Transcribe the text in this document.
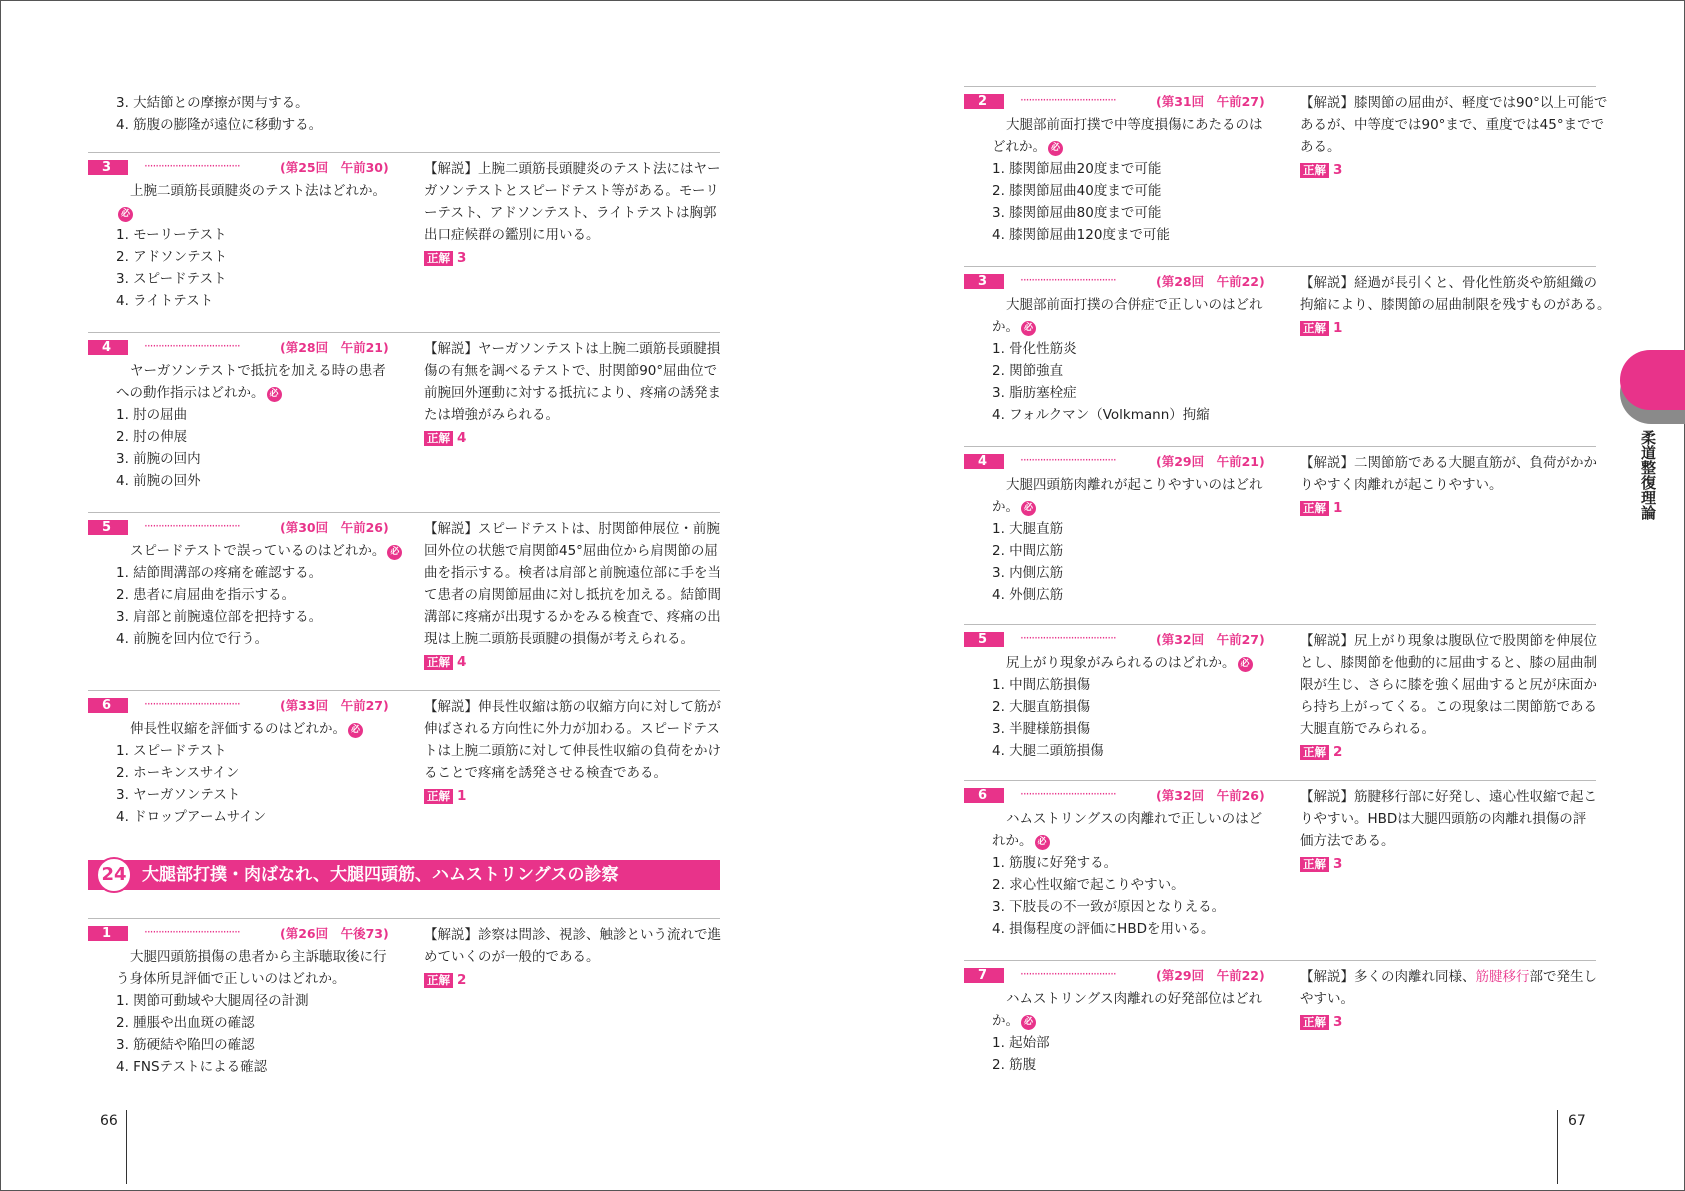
3. 大結節との摩擦が関与する。
4. 筋腹の膨隆が遠位に移動する。
3	··································	(第25回　午前30)
上腕二頭筋長頭腱炎のテスト法はどれか。
必
1. モーリーテスト
2. アドソンテスト
3. スピードテスト
4. ライトテスト
【解説】上腕二頭筋長頭腱炎のテスト法にはヤー
ガソンテストとスピードテスト等がある。モーリ
ーテスト、アドソンテスト、ライトテストは胸郭
出口症候群の鑑別に用いる。
正解 3
4	··································	(第28回　午前21)
ヤーガソンテストで抵抗を加える時の患者
への動作指示はどれか。 必
1. 肘の屈曲
2. 肘の伸展
3. 前腕の回内
4. 前腕の回外
【解説】ヤーガソンテストは上腕二頭筋長頭腱損
傷の有無を調べるテストで、肘関節90°屈曲位で
前腕回外運動に対する抵抗により、疼痛の誘発ま
たは増強がみられる。
正解 4
5	··································	(第30回　午前26)
スピードテストで誤っているのはどれか。 必
1. 結節間溝部の疼痛を確認する。
2. 患者に肩屈曲を指示する。
3. 肩部と前腕遠位部を把持する。
4. 前腕を回内位で行う。
【解説】スピードテストは、肘関節伸展位・前腕
回外位の状態で肩関節45°屈曲位から肩関節の屈
曲を指示する。検者は肩部と前腕遠位部に手を当
て患者の肩関節屈曲に対し抵抗を加える。結節間
溝部に疼痛が出現するかをみる検査で、疼痛の出
現は上腕二頭筋長頭腱の損傷が考えられる。
正解 4
6	··································	(第33回　午前27)
伸長性収縮を評価するのはどれか。 必
1. スピードテスト
2. ホーキンスサイン
3. ヤーガソンテスト
4. ドロップアームサイン
【解説】伸長性収縮は筋の収縮方向に対して筋が
伸ばされる方向性に外力が加わる。スピードテス
トは上腕二頭筋に対して伸長性収縮の負荷をかけ
ることで疼痛を誘発させる検査である。
正解 1
24 大腿部打撲・肉ばなれ、大腿四頭筋、ハムストリングスの診察
1	··································	(第26回　午後73)
大腿四頭筋損傷の患者から主訴聴取後に行
う身体所見評価で正しいのはどれか。
1. 関節可動域や大腿周径の計測
2. 腫脹や出血斑の確認
3. 筋硬結や陥凹の確認
4. FNSテストによる確認
【解説】診察は問診、視診、触診という流れで進
めていくのが一般的である。
正解 2
66
2	··································	(第31回　午前27)
大腿部前面打撲で中等度損傷にあたるのは
どれか。 必
1. 膝関節屈曲20度まで可能
2. 膝関節屈曲40度まで可能
3. 膝関節屈曲80度まで可能
4. 膝関節屈曲120度まで可能
【解説】膝関節の屈曲が、軽度では90°以上可能で
あるが、中等度では90°まで、重度では45°までで
ある。
正解 3
3	··································	(第28回　午前22)
大腿部前面打撲の合併症で正しいのはどれ
か。 必
1. 骨化性筋炎
2. 関節強直
3. 脂肪塞栓症
4. フォルクマン（Volkmann）拘縮
【解説】経過が長引くと、骨化性筋炎や筋組織の
拘縮により、膝関節の屈曲制限を残すものがある。
正解 1
4	··································	(第29回　午前21)
大腿四頭筋肉離れが起こりやすいのはどれ
か。 必
1. 大腿直筋
2. 中間広筋
3. 内側広筋
4. 外側広筋
【解説】二関節筋である大腿直筋が、負荷がかか
りやすく肉離れが起こりやすい。
正解 1
5	··································	(第32回　午前27)
尻上がり現象がみられるのはどれか。 必
1. 中間広筋損傷
2. 大腿直筋損傷
3. 半腱様筋損傷
4. 大腿二頭筋損傷
【解説】尻上がり現象は腹臥位で股関節を伸展位
とし、膝関節を他動的に屈曲すると、膝の屈曲制
限が生じ、さらに膝を強く屈曲すると尻が床面か
ら持ち上がってくる。この現象は二関節筋である
大腿直筋でみられる。
正解 2
6	··································	(第32回　午前26)
ハムストリングスの肉離れで正しいのはど
れか。 必
1. 筋腹に好発する。
2. 求心性収縮で起こりやすい。
3. 下肢長の不一致が原因となりえる。
4. 損傷程度の評価にHBDを用いる。
【解説】筋腱移行部に好発し、遠心性収縮で起こ
りやすい。HBDは大腿四頭筋の肉離れ損傷の評
価方法である。
正解 3
7	··································	(第29回　午前22)
ハムストリングス肉離れの好発部位はどれ
か。 必
1. 起始部
2. 筋腹
【解説】多くの肉離れ同様、筋腱移行部で発生し
やすい。
正解 3
67
柔道整復理論
